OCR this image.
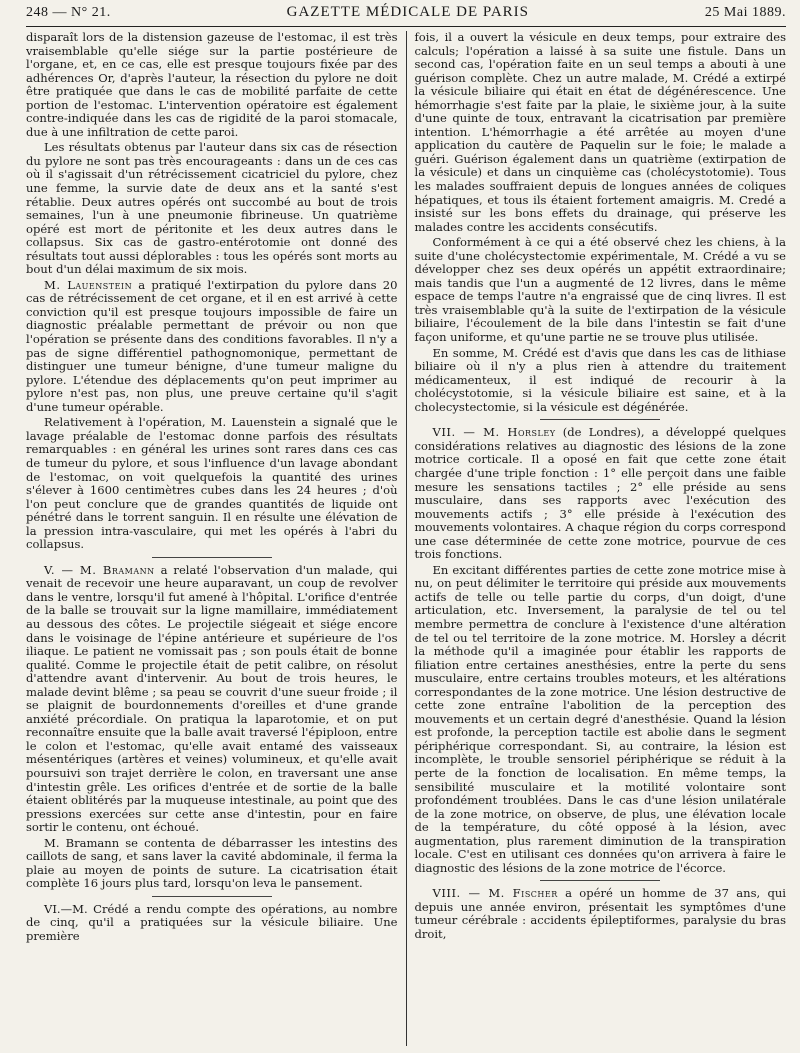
248 — N° 21.	GAZETTE MÉDICALE DE PARIS	25 Mai 1889.

disparaît lors de la distension gazeuse de l'estomac, il est très vraisemblable qu'elle siége sur la partie postérieure de l'organe, et, en ce cas, elle est presque toujours fixée par des adhérences Or, d'après l'auteur, la résection du pylore ne doit être pratiquée que dans le cas de mobilité parfaite de cette portion de l'estomac. L'intervention opératoire est également contre-indiquée dans les cas de rigidité de la paroi stomacale, due à une infiltration de cette paroi.

Les résultats obtenus par l'auteur dans six cas de résection du pylore ne sont pas très encourageants : dans un de ces cas où il s'agissait d'un rétrécissement cicatriciel du pylore, chez une femme, la survie date de deux ans et la santé s'est rétablie. Deux autres opérés ont succombé au bout de trois semaines, l'un à une pneumonie fibrineuse. Un quatrième opéré est mort de péritonite et les deux autres dans le collapsus. Six cas de gastro-entérotomie ont donné des résultats tout aussi déplorables : tous les opérés sont morts au bout d'un délai maximum de six mois.

M. Lauenstein a pratiqué l'extirpation du pylore dans 20 cas de rétrécissement de cet organe, et il en est arrivé à cette conviction qu'il est presque toujours impossible de faire un diagnostic préalable permettant de prévoir ou non que l'opération se présente dans des conditions favorables. Il n'y a pas de signe différentiel pathognomonique, permettant de distinguer une tumeur bénigne, d'une tumeur maligne du pylore. L'étendue des déplacements qu'on peut imprimer au pylore n'est pas, non plus, une preuve certaine qu'il s'agit d'une tumeur opérable.

Relativement à l'opération, M. Lauenstein a signalé que le lavage préalable de l'estomac donne parfois des résultats remarquables : en général les urines sont rares dans ces cas de tumeur du pylore, et sous l'influence d'un lavage abondant de l'estomac, on voit quelquefois la quantité des urines s'élever à 1600 centimètres cubes dans les 24 heures ; d'où l'on peut conclure que de grandes quantités de liquide ont pénétré dans le torrent sanguin. Il en résulte une élévation de la pression intra-vasculaire, qui met les opérés à l'abri du collapsus.

V. — M. Bramann a relaté l'observation d'un malade, qui venait de recevoir une heure auparavant, un coup de revolver dans le ventre, lorsqu'il fut amené à l'hôpital. L'orifice d'entrée de la balle se trouvait sur la ligne mamillaire, immédiatement au dessous des côtes. Le projectile siégeait et siége encore dans le voisinage de l'épine antérieure et supérieure de l'os iliaque. Le patient ne vomissait pas ; son pouls était de bonne qualité. Comme le projectile était de petit calibre, on résolut d'attendre avant d'intervenir. Au bout de trois heures, le malade devint blême ; sa peau se couvrit d'une sueur froide ; il se plaignit de bourdonnements d'oreilles et d'une grande anxiété précordiale. On pratiqua la laparotomie, et on put reconnaître ensuite que la balle avait traversé l'épiploon, entre le colon et l'estomac, qu'elle avait entamé des vaisseaux mésentériques (artères et veines) volumineux, et qu'elle avait poursuivi son trajet derrière le colon, en traversant une anse d'intestin grêle. Les orifices d'entrée et de sortie de la balle étaient oblitérés par la muqueuse intestinale, au point que des pressions exercées sur cette anse d'intestin, pour en faire sortir le contenu, ont échoué.

M. Bramann se contenta de débarrasser les intestins des caillots de sang, et sans laver la cavité abdominale, il ferma la plaie au moyen de points de suture. La cicatrisation était complète 16 jours plus tard, lorsqu'on leva le pansement.

VI.—M. Crédé a rendu compte des opérations, au nombre de cinq, qu'il a pratiquées sur la vésicule biliaire. Une première

fois, il a ouvert la vésicule en deux temps, pour extraire des calculs; l'opération a laissé à sa suite une fistule. Dans un second cas, l'opération faite en un seul temps a abouti à une guérison complète. Chez un autre malade, M. Crédé a extirpé la vésicule biliaire qui était en état de dégénérescence. Une hémorrhagie s'est faite par la plaie, le sixième jour, à la suite d'une quinte de toux, entravant la cicatrisation par première intention. L'hémorrhagie a été arrêtée au moyen d'une application du cautère de Paquelin sur le foie; le malade a guéri. Guérison également dans un quatrième (extirpation de la vésicule) et dans un cinquième cas (cholécystotomie). Tous les malades souffraient depuis de longues années de coliques hépatiques, et tous ils étaient fortement amaigris. M. Credé a insisté sur les bons effets du drainage, qui préserve les malades contre les accidents consécutifs.

Conformément à ce qui a été observé chez les chiens, à la suite d'une cholécystectomie expérimentale, M. Crédé a vu se développer chez ses deux opérés un appétit extraordinaire; mais tandis que l'un a augmenté de 12 livres, dans le même espace de temps l'autre n'a engraissé que de cinq livres. Il est très vraisemblable qu'à la suite de l'extirpation de la vésicule biliaire, l'écoulement de la bile dans l'intestin se fait d'une façon uniforme, et qu'une partie ne se trouve plus utilisée.

En somme, M. Crédé est d'avis que dans les cas de lithiase biliaire où il n'y a plus rien à attendre du traitement médicamenteux, il est indiqué de recourir à la cholécystotomie, si la vésicule biliaire est saine, et à la cholecystectomie, si la vésicule est dégénérée.

VII. — M. Horsley (de Londres), a développé quelques considérations relatives au diagnostic des lésions de la zone motrice corticale. Il a oposé en fait que cette zone était chargée d'une triple fonction : 1° elle perçoit dans une faible mesure les sensations tactiles ; 2° elle préside au sens musculaire, dans ses rapports avec l'exécution des mouvements actifs ; 3° elle préside à l'exécution des mouvements volontaires. A chaque région du corps correspond une case déterminée de cette zone motrice, pourvue de ces trois fonctions.

En excitant différentes parties de cette zone motrice mise à nu, on peut délimiter le territoire qui préside aux mouvements actifs de telle ou telle partie du corps, d'un doigt, d'une articulation, etc. Inversement, la paralysie de tel ou tel membre permettra de conclure à l'existence d'une altération de tel ou tel territoire de la zone motrice. M. Horsley a décrit la méthode qu'il a imaginée pour établir les rapports de filiation entre certaines anesthésies, entre la perte du sens musculaire, entre certains troubles moteurs, et les altérations correspondantes de la zone motrice. Une lésion destructive de cette zone entraîne l'abolition de la perception des mouvements et un certain degré d'anesthésie. Quand la lésion est profonde, la perception tactile est abolie dans le segment périphérique correspondant. Si, au contraire, la lésion est incomplète, le trouble sensoriel périphérique se réduit à la perte de la fonction de localisation. En même temps, la sensibilité musculaire et la motilité volontaire sont profondément troublées. Dans le cas d'une lésion unilatérale de la zone motrice, on observe, de plus, une élévation locale de la température, du côté opposé à la lésion, avec augmentation, plus rarement diminution de la transpiration locale. C'est en utilisant ces données qu'on arrivera à faire le diagnostic des lésions de la zone motrice de l'écorce.

VIII. — M. Fischer a opéré un homme de 37 ans, qui depuis une année environ, présentait les symptômes d'une tumeur cérébrale : accidents épileptiformes, paralysie du bras droit,
